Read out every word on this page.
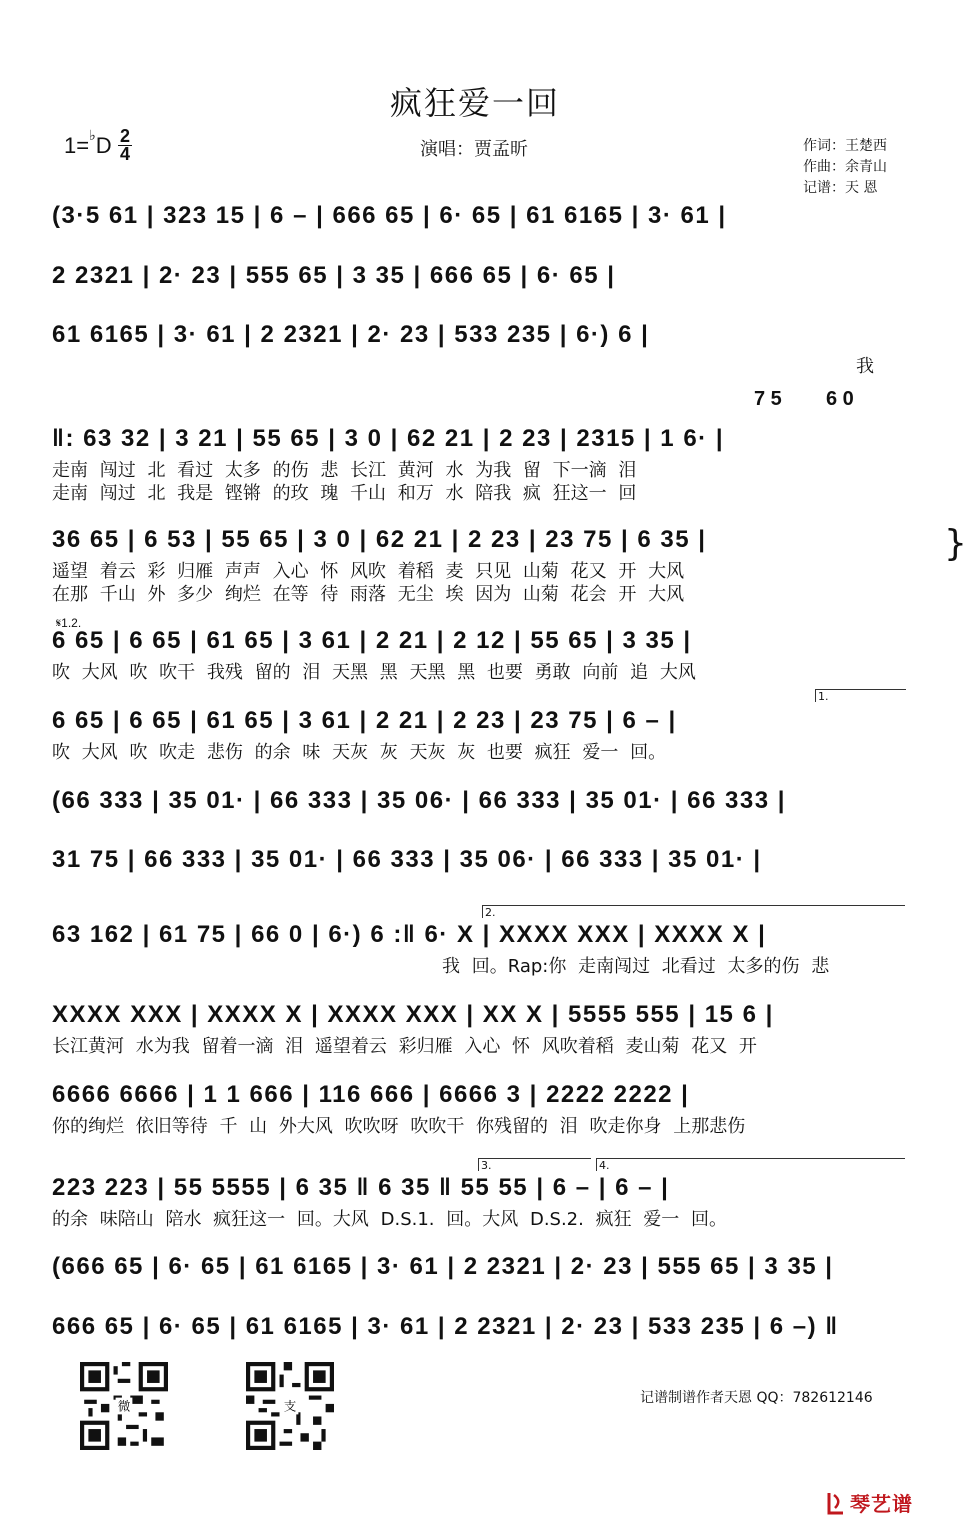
疯狂爱一回
1=♭D $\frac{2}{4}$	演唱：贾孟昕	作词：王楚西
作曲：余青山
记谱：天 恩
(3·5 61 | 323 15 | 6 – | 666 65 | 6· 65 | 61 6165 | 3· 61 |
2 2321 | 2· 23 | 555 65 | 3 35 | 666 65 | 6· 65 |
61 6165 | 3· 61 | 2 2321 | 2· 23 | 533 235 | 6·) 6 |
我
7 5 6 0
‖: 63 32 | 3 21 | 55 65 | 3 0 | 62 21 | 2 23 | 2315 | 1 6· |
走南 闯过 北 看过 太多 的伤 悲 长江 黄河 水 为我 留 下一滴 泪
走南 闯过 北 我是 铿锵 的玫 瑰 千山 和万 水 陪我 疯 狂这一 回
36 65 | 6 53 | 55 65 | 3 0 | 62 21 | 2 23 | 23 75 | 6 35 |
遥望 着云 彩 归雁 声声 入心 怀 风吹 着稻 麦 只见 山菊 花又 开 大风
在那 千山 外 多少 绚烂 在等 待 雨落 无尘 埃 因为 山菊 花会 开 大风
}
𝄋1.2.
6 65 | 6 65 | 61 65 | 3 61 | 2 21 | 2 12 | 55 65 | 3 35 |
吹 大风 吹 吹干 我残 留的 泪 天黑 黑 天黑 黑 也要 勇敢 向前 追 大风
1.
6 65 | 6 65 | 61 65 | 3 61 | 2 21 | 2 23 | 23 75 | 6 – |
吹 大风 吹 吹走 悲伤 的余 味 天灰 灰 天灰 灰 也要 疯狂 爱一 回。
(66 333 | 35 01· | 66 333 | 35 06· | 66 333 | 35 01· | 66 333 |
31 75 | 66 333 | 35 01· | 66 333 | 35 06· | 66 333 | 35 01· |
2.
63 162 | 61 75 | 66 0 | 6·) 6 :‖ 6· X | XXXX XXX | XXXX X |
我 回。Rap:你 走南闯过 北看过 太多的伤 悲
XXXX XXX | XXXX X | XXXX XXX | XX X | 5555 555 | 15 6 |
长江黄河 水为我 留着一滴 泪 遥望着云 彩归雁 入心 怀 风吹着稻 麦山菊 花又 开
6666 6666 | 1 1 666 | 116 666 | 6666 3 | 2222 2222 |
你的绚烂 依旧等待 千 山 外大风 吹吹呀 吹吹干 你残留的 泪 吹走你身 上那悲伤
3.	4.
223 223 | 55 5555 | 6 35 ‖ 6 35 ‖ 55 55 | 6 – | 6 – |
的余 味陪山 陪水 疯狂这一 回。大风 D.S.1. 回。大风 D.S.2. 疯狂 爱一 回。
(666 65 | 6· 65 | 61 6165 | 3· 61 | 2 2321 | 2· 23 | 555 65 | 3 35 |
666 65 | 6· 65 | 61 6165 | 3· 61 | 2 2321 | 2· 23 | 533 235 | 6 –) ‖
微	支
记谱制谱作者天恩 QQ：782612146
琴艺谱
